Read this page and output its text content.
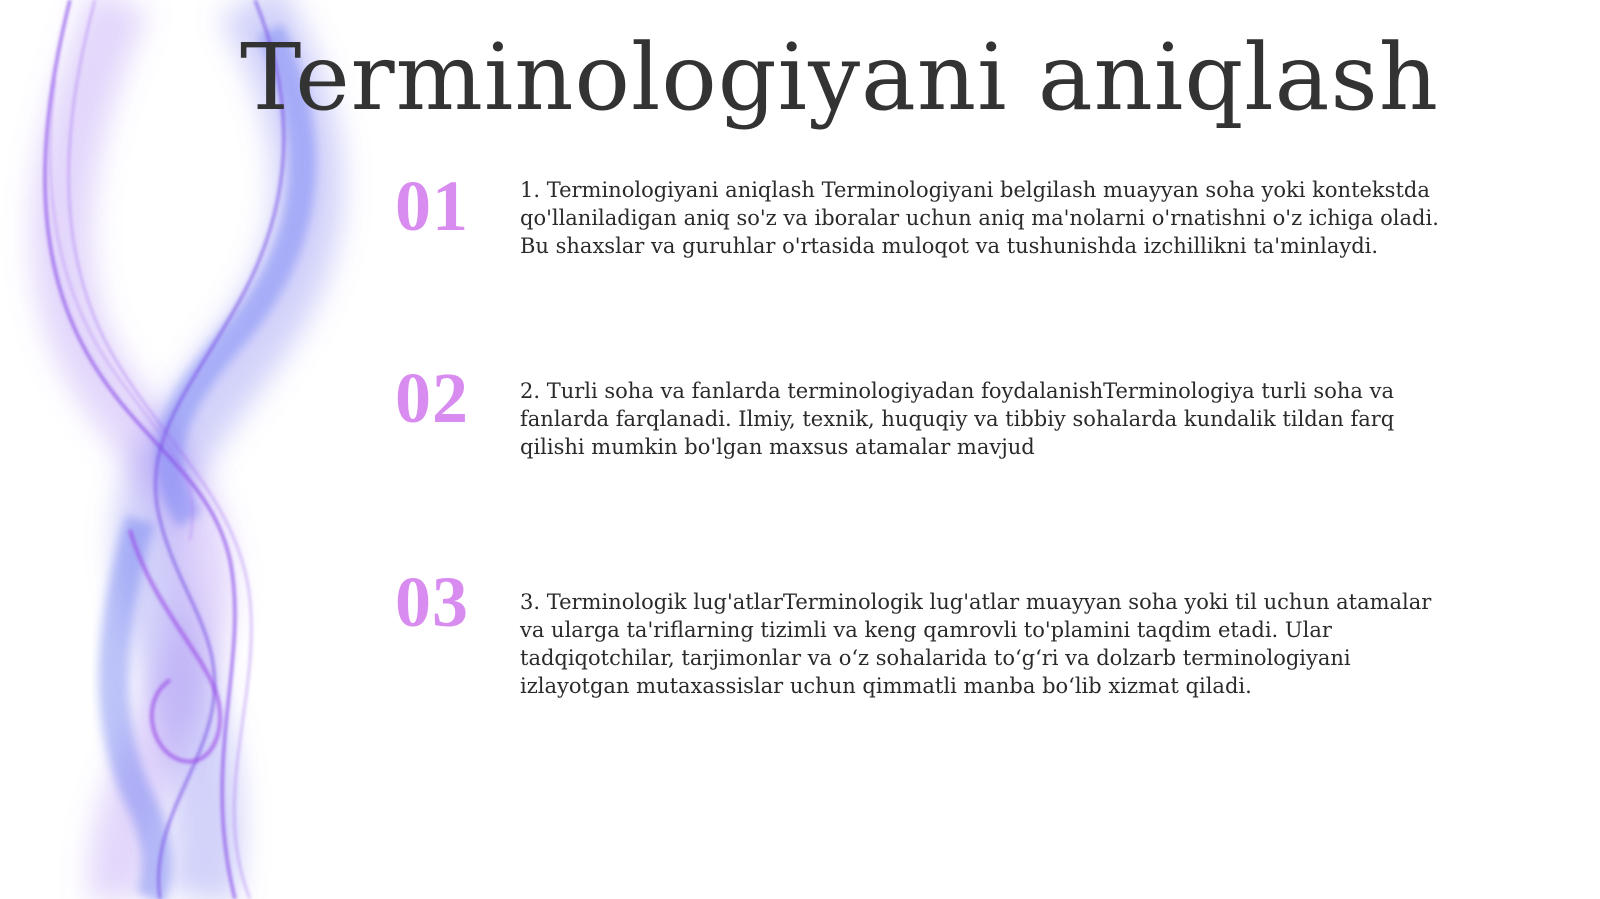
Terminologiyani aniqlash
01	1. Terminologiyani aniqlash Terminologiyani belgilash muayyan soha yoki kontekstda qo'llaniladigan aniq so'z va iboralar uchun aniq ma'nolarni o'rnatishni o'z ichiga oladi. Bu shaxslar va guruhlar o'rtasida muloqot va tushunishda izchillikni ta'minlaydi.

02	2. Turli soha va fanlarda terminologiyadan foydalanishTerminologiya turli soha va fanlarda farqlanadi. Ilmiy, texnik, huquqiy va tibbiy sohalarda kundalik tildan farq qilishi mumkin bo'lgan maxsus atamalar mavjud

03	3. Terminologik lug'atlarTerminologik lug'atlar muayyan soha yoki til uchun atamalar va ularga ta'riflarning tizimli va keng qamrovli to'plamini taqdim etadi. Ular tadqiqotchilar, tarjimonlar va o‘z sohalarida to‘g‘ri va dolzarb terminologiyani izlayotgan mutaxassislar uchun qimmatli manba bo‘lib xizmat qiladi.
